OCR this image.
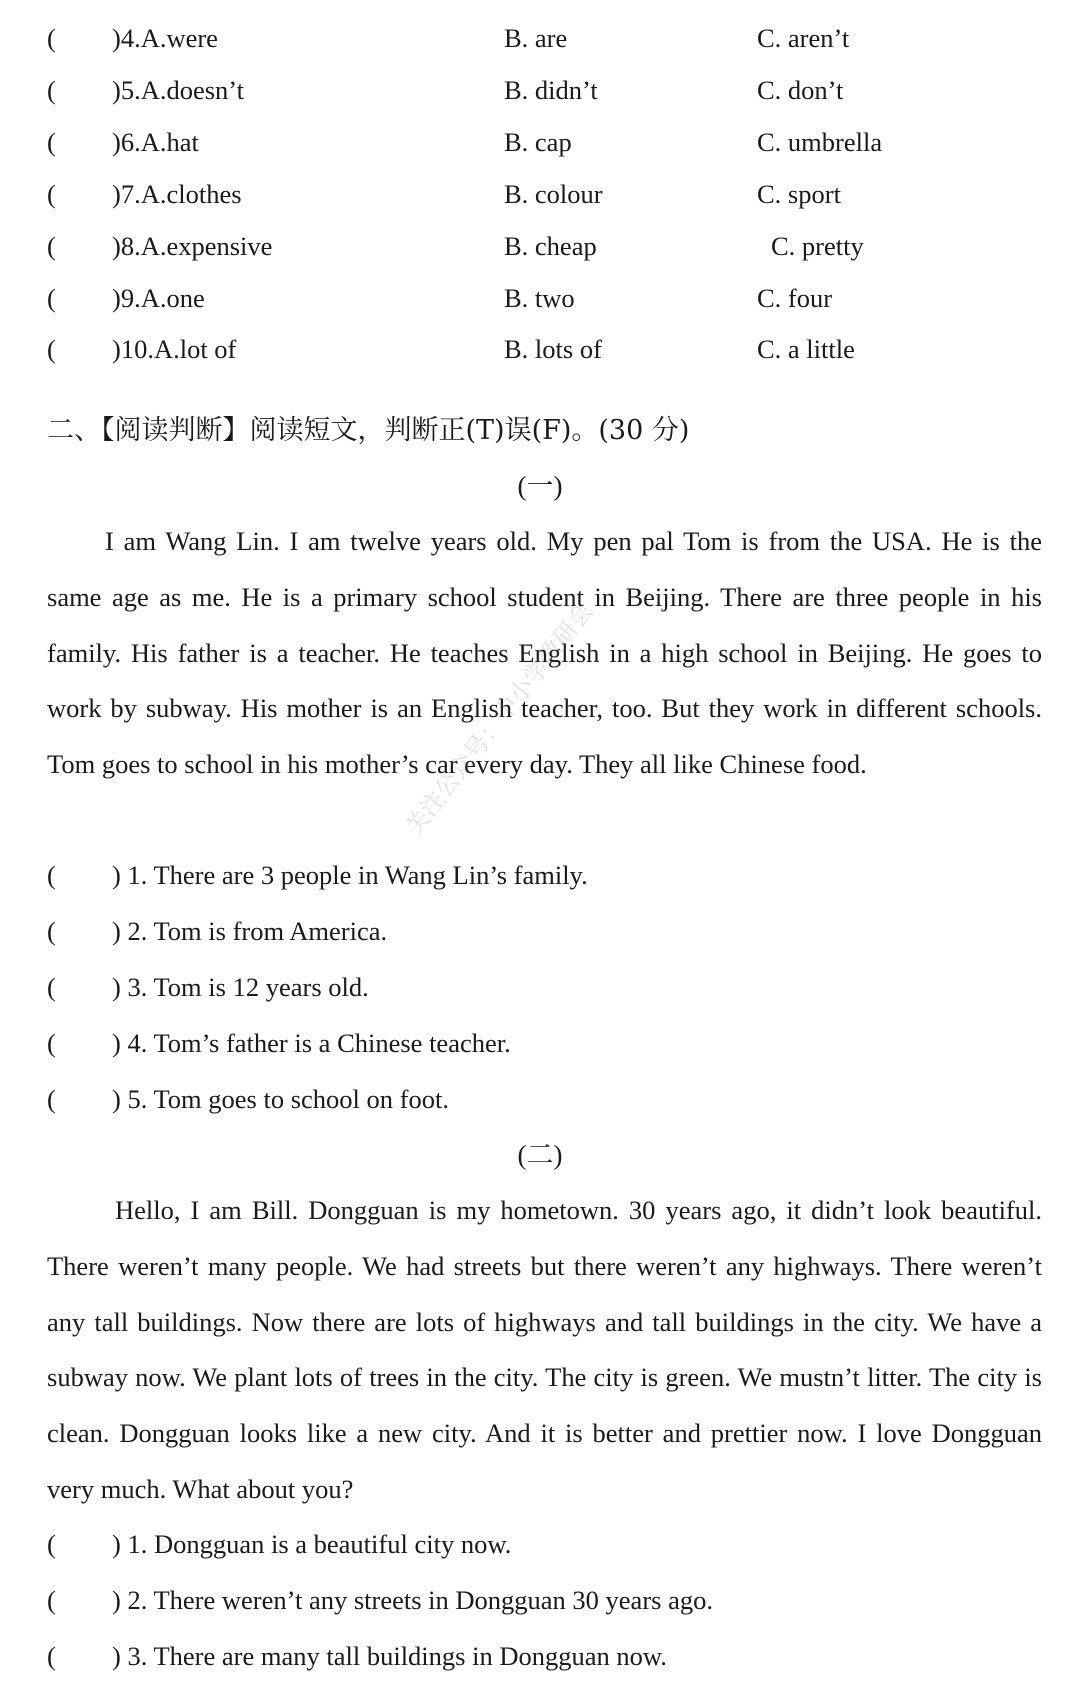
( )4.A.were	B. are	C. aren’t
( )5.A.doesn’t	B. didn’t	C. don’t
( )6.A.hat	B. cap	C. umbrella
( )7.A.clothes	B. colour	C. sport
( )8.A.expensive	B. cheap	C. pretty
( )9.A.one	B. two	C. four
( )10.A.lot of	B. lots of	C. a little
二、【阅读判断】阅读短文，判断正(T)误(F)。(30 分)
(一)

I am Wang Lin. I am twelve years old. My pen pal Tom is from the USA. He is the same age as me. He is a primary school student in Beijing. There are three people in his family. His father is a teacher. He teaches English in a high school in Beijing. He goes to work by subway. His mother is an English teacher, too. But they work in different schools. Tom goes to school in his mother’s car every day. They all like Chinese food.

( ) 1. There are 3 people in Wang Lin’s family.
( ) 2. Tom is from America.
( ) 3. Tom is 12 years old.
( ) 4. Tom’s father is a Chinese teacher.
( ) 5. Tom goes to school on foot.
(二)

Hello, I am Bill. Dongguan is my hometown. 30 years ago, it didn’t look beautiful. There weren’t many people. We had streets but there weren’t any highways. There weren’t any tall buildings. Now there are lots of highways and tall buildings in the city. We have a subway now. We plant lots of trees in the city. The city is green. We mustn’t litter. The city is clean. Dongguan looks like a new city. And it is better and prettier now. I love Dongguan very much. What about you?

( ) 1. Dongguan is a beautiful city now.
( ) 2. There weren’t any streets in Dongguan 30 years ago.
( ) 3. There are many tall buildings in Dongguan now.
关注公众号：中小学教研会
